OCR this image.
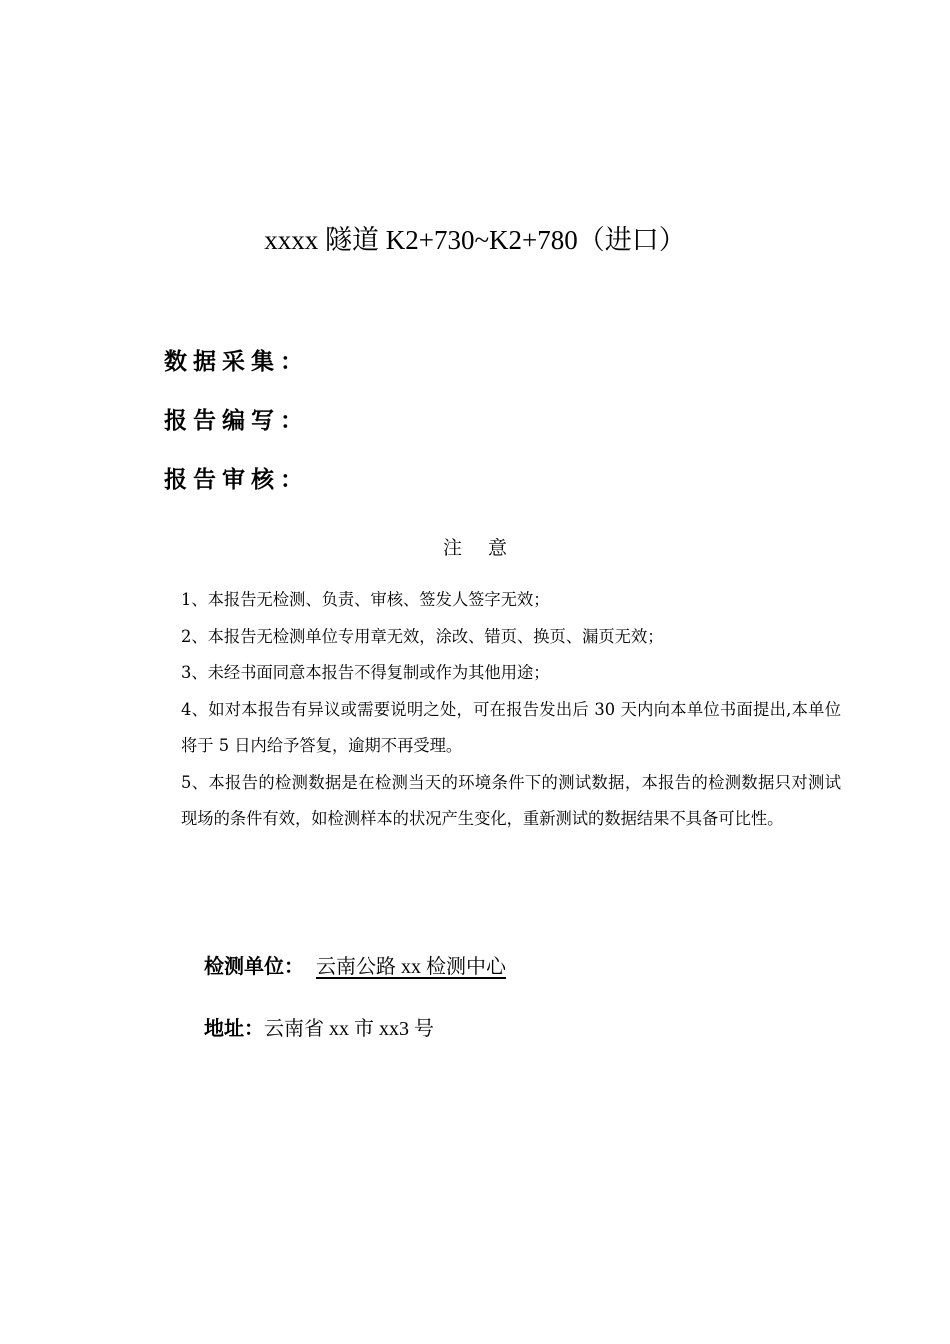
xxxx 隧道 K2+730~K2+780（进口）
数据采集：
报告编写：
报告审核：
注意
1、本报告无检测、负责、审核、签发人签字无效；
2、本报告无检测单位专用章无效，涂改、错页、换页、漏页无效；
3、未经书面同意本报告不得复制或作为其他用途；
4、如对本报告有异议或需要说明之处，可在报告发出后 30 天内向本单位书面提出,本单位将于 5 日内给予答复，逾期不再受理。
5、本报告的检测数据是在检测当天的环境条件下的测试数据，本报告的检测数据只对测试现场的条件有效，如检测样本的状况产生变化，重新测试的数据结果不具备可比性。
检测单位： 云南公路 xx 检测中心
地址：云南省 xx 市 xx3 号
